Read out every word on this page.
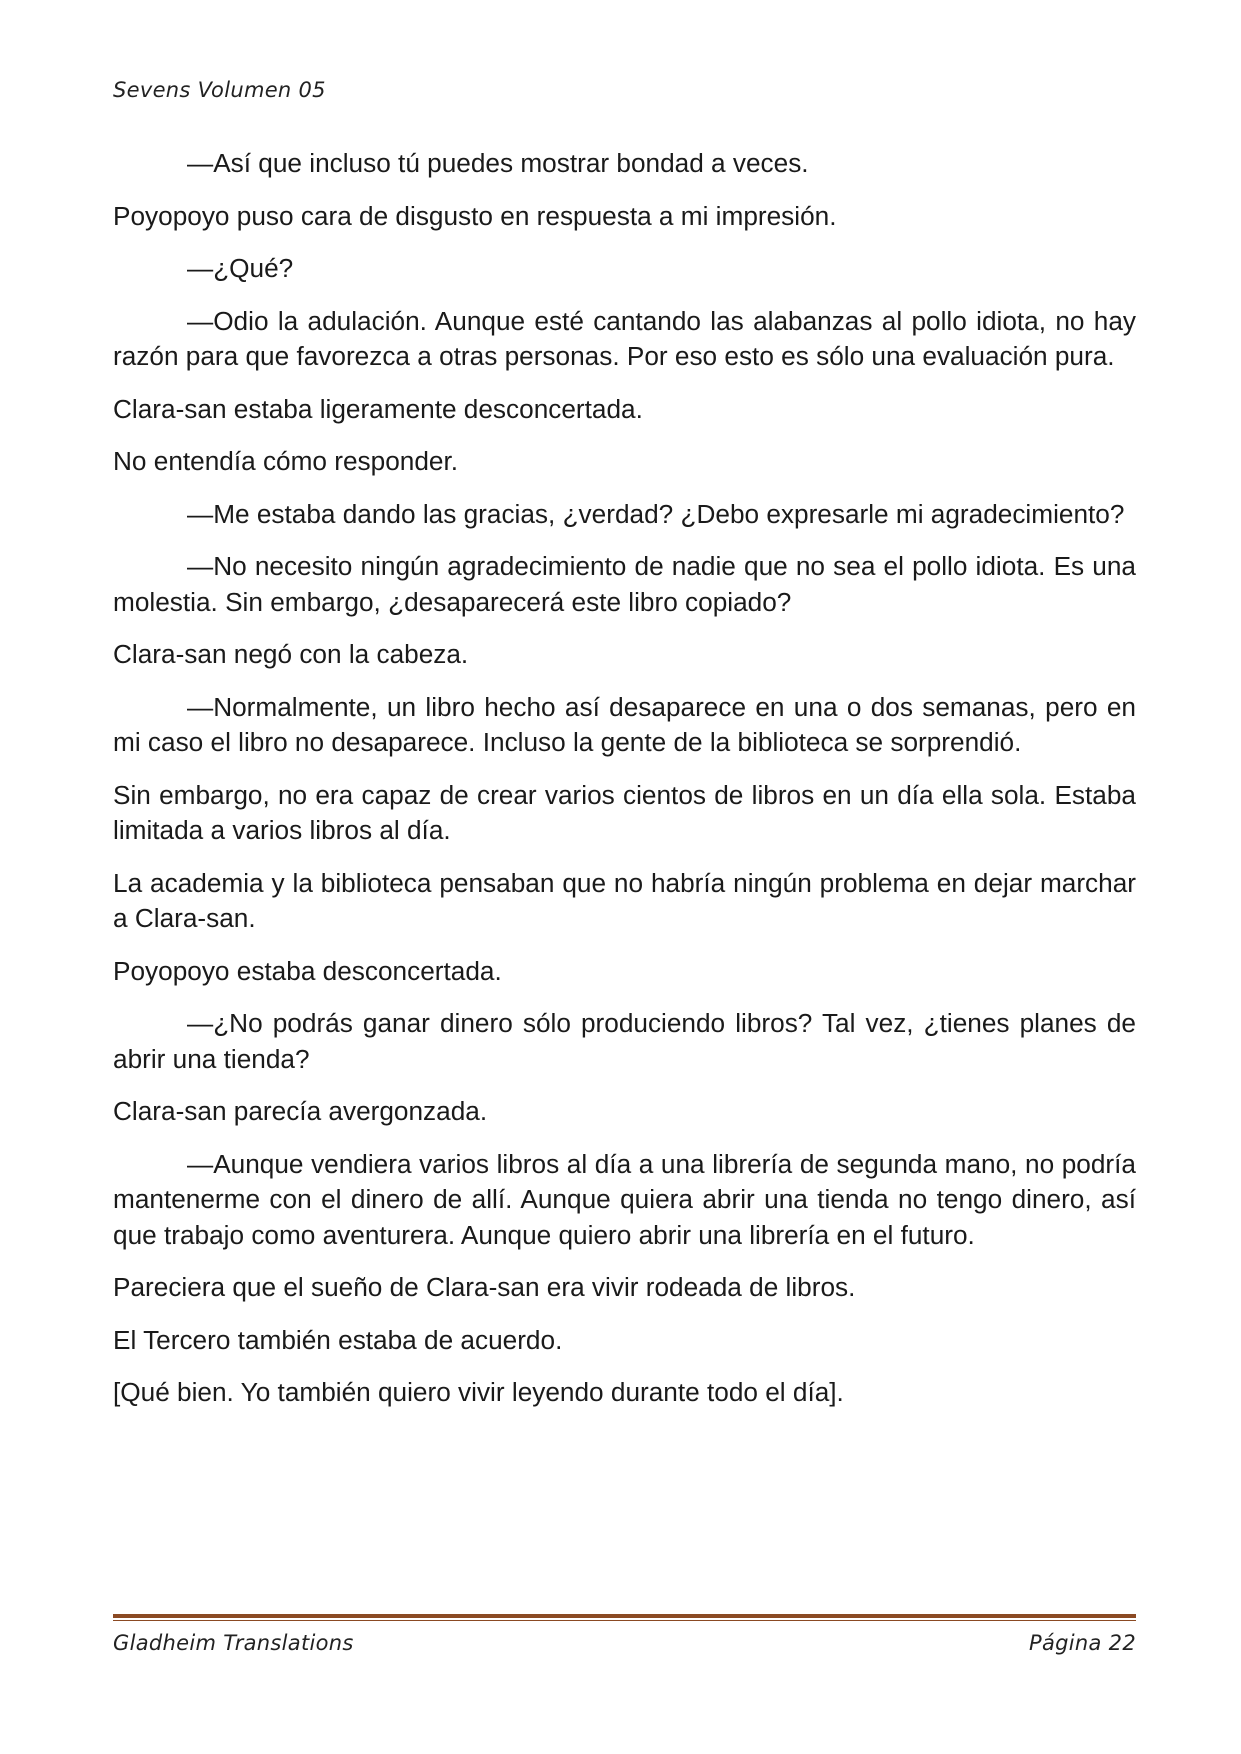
Sevens Volumen 05

—Así que incluso tú puedes mostrar bondad a veces.

Poyopoyo puso cara de disgusto en respuesta a mi impresión.

—¿Qué?

—Odio la adulación. Aunque esté cantando las alabanzas al pollo idiota, no hay razón para que favorezca a otras personas. Por eso esto es sólo una evaluación pura.

Clara-san estaba ligeramente desconcertada.

No entendía cómo responder.

—Me estaba dando las gracias, ¿verdad? ¿Debo expresarle mi agradecimiento?

—No necesito ningún agradecimiento de nadie que no sea el pollo idiota. Es una molestia. Sin embargo, ¿desaparecerá este libro copiado?

Clara-san negó con la cabeza.

—Normalmente, un libro hecho así desaparece en una o dos semanas, pero en mi caso el libro no desaparece. Incluso la gente de la biblioteca se sorprendió.

Sin embargo, no era capaz de crear varios cientos de libros en un día ella sola. Estaba limitada a varios libros al día.

La academia y la biblioteca pensaban que no habría ningún problema en dejar marchar a Clara-san.

Poyopoyo estaba desconcertada.

—¿No podrás ganar dinero sólo produciendo libros? Tal vez, ¿tienes planes de abrir una tienda?

Clara-san parecía avergonzada.

—Aunque vendiera varios libros al día a una librería de segunda mano, no podría mantenerme con el dinero de allí. Aunque quiera abrir una tienda no tengo dinero, así que trabajo como aventurera. Aunque quiero abrir una librería en el futuro.

Pareciera que el sueño de Clara-san era vivir rodeada de libros.

El Tercero también estaba de acuerdo.

[Qué bien. Yo también quiero vivir leyendo durante todo el día].

Gladheim Translations	Página 22
